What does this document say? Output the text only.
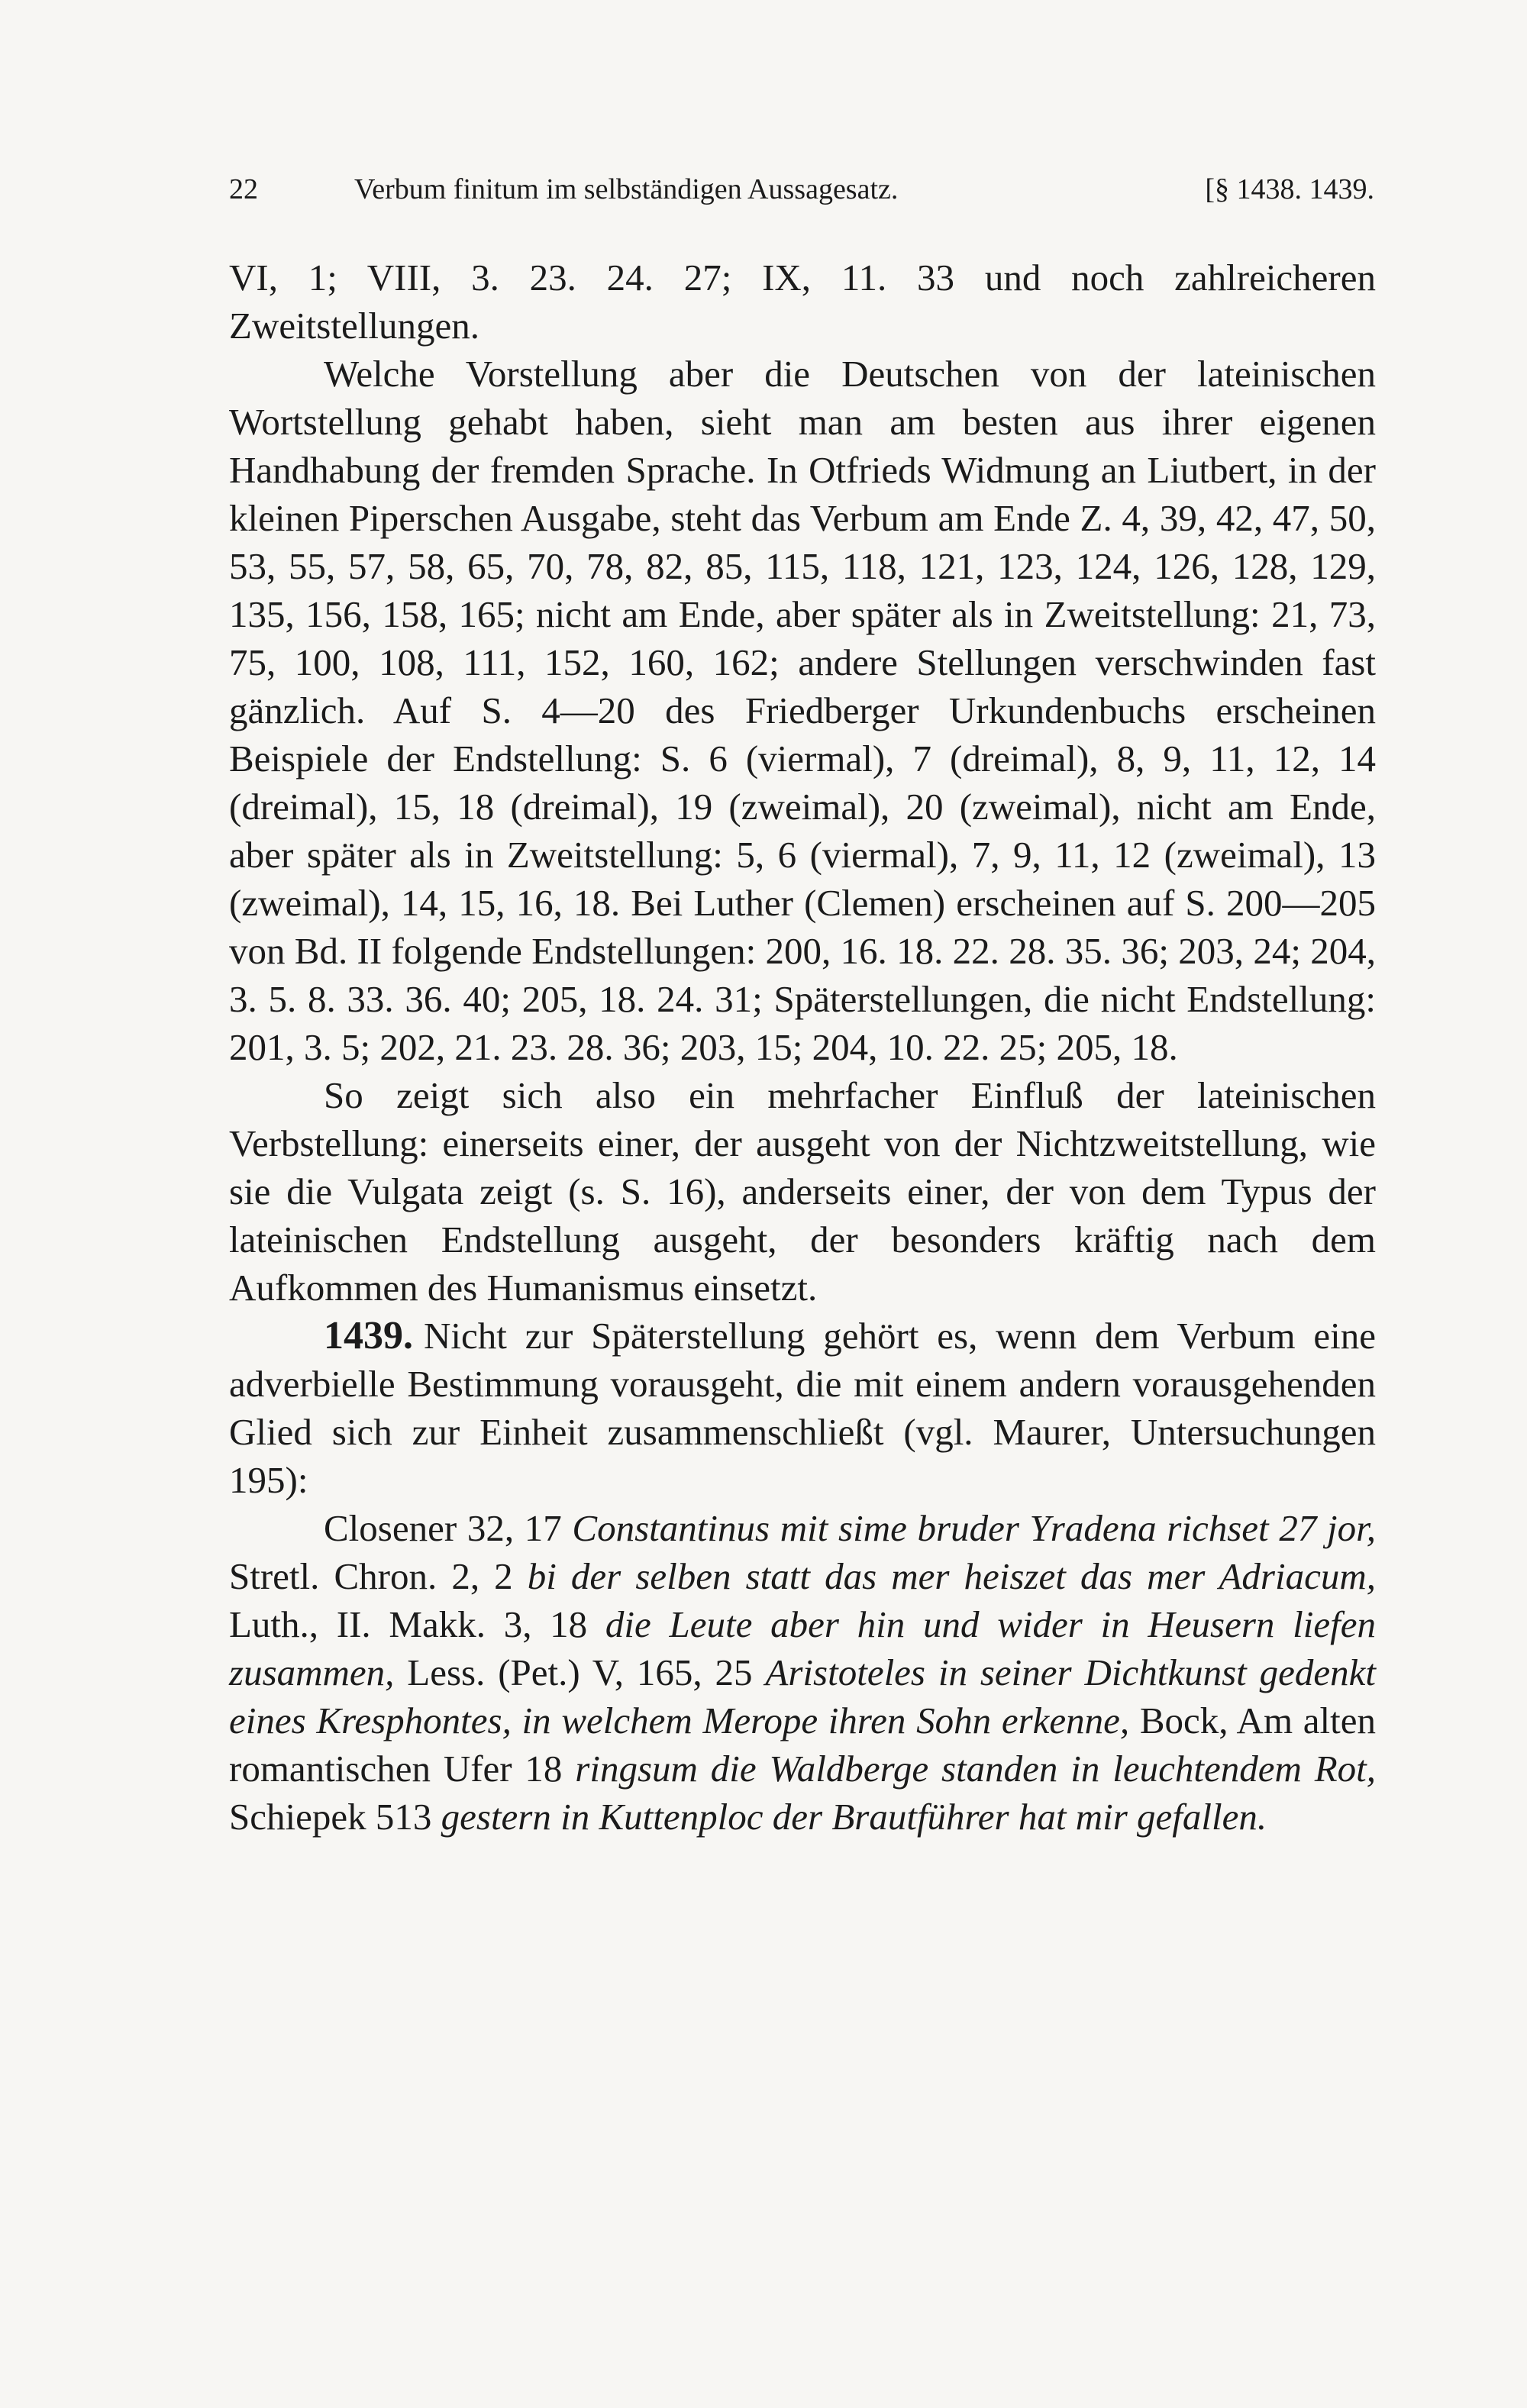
22	Verbum finitum im selbständigen Aussagesatz.	[§ 1438. 1439.

VI, 1; VIII, 3. 23. 24. 27; IX, 11. 33 und noch zahlreicheren Zweitstellungen.

Welche Vorstellung aber die Deutschen von der lateinischen Wortstellung gehabt haben, sieht man am besten aus ihrer eigenen Handhabung der fremden Sprache. In Otfrieds Widmung an Liutbert, in der kleinen Piperschen Ausgabe, steht das Verbum am Ende Z. 4, 39, 42, 47, 50, 53, 55, 57, 58, 65, 70, 78, 82, 85, 115, 118, 121, 123, 124, 126, 128, 129, 135, 156, 158, 165; nicht am Ende, aber später als in Zweitstellung: 21, 73, 75, 100, 108, 111, 152, 160, 162; andere Stellungen verschwinden fast gänzlich. Auf S. 4—20 des Friedberger Urkundenbuchs erscheinen Beispiele der Endstellung: S. 6 (viermal), 7 (dreimal), 8, 9, 11, 12, 14 (dreimal), 15, 18 (dreimal), 19 (zweimal), 20 (zweimal), nicht am Ende, aber später als in Zweitstellung: 5, 6 (viermal), 7, 9, 11, 12 (zweimal), 13 (zweimal), 14, 15, 16, 18. Bei Luther (Clemen) erscheinen auf S. 200—205 von Bd. II folgende Endstellungen: 200, 16. 18. 22. 28. 35. 36; 203, 24; 204, 3. 5. 8. 33. 36. 40; 205, 18. 24. 31; Späterstellungen, die nicht Endstellung: 201, 3. 5; 202, 21. 23. 28. 36; 203, 15; 204, 10. 22. 25; 205, 18.

So zeigt sich also ein mehrfacher Einfluß der lateinischen Verbstellung: einerseits einer, der ausgeht von der Nichtzweitstellung, wie sie die Vulgata zeigt (s. S. 16), anderseits einer, der von dem Typus der lateinischen Endstellung ausgeht, der besonders kräftig nach dem Aufkommen des Humanismus einsetzt.

1439. Nicht zur Späterstellung gehört es, wenn dem Verbum eine adverbielle Bestimmung vorausgeht, die mit einem andern vorausgehenden Glied sich zur Einheit zusammenschließt (vgl. Maurer, Untersuchungen 195):

Closener 32, 17 Constantinus mit sime bruder Yradena richset 27 jor, Stretl. Chron. 2, 2 bi der selben statt das mer heiszet das mer Adriacum, Luth., II. Makk. 3, 18 die Leute aber hin und wider in Heusern liefen zusammen, Less. (Pet.) V, 165, 25 Aristoteles in seiner Dichtkunst gedenkt eines Kresphontes, in welchem Merope ihren Sohn erkenne, Bock, Am alten romantischen Ufer 18 ringsum die Waldberge standen in leuchtendem Rot, Schiepek 513 gestern in Kuttenploc der Brautführer hat mir gefallen.
